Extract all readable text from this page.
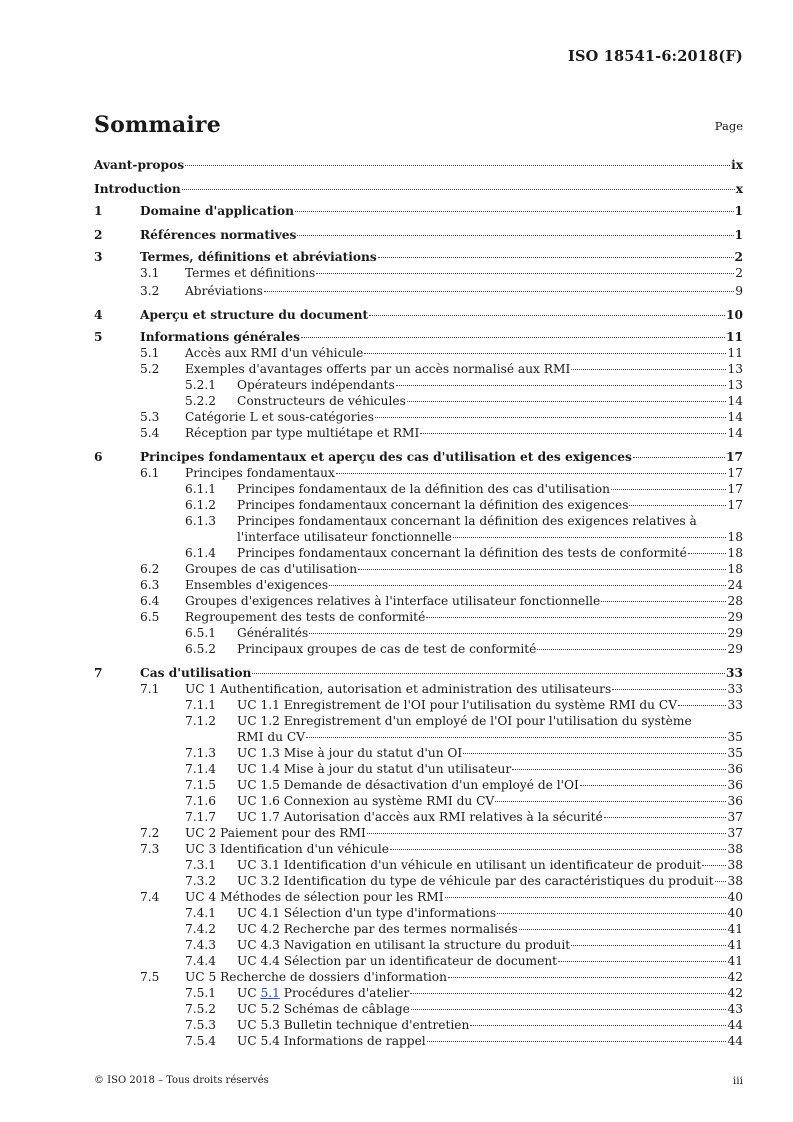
ISO 18541-6:2018(F)
Sommaire	Page
Avant-propos	ix
Introduction	x
1	Domaine d'application	1
2	Références normatives	1
3	Termes, définitions et abréviations	2
3.1 Termes et définitions	2
3.2 Abréviations	9
4	Aperçu et structure du document	10
5	Informations générales	11
5.1 Accès aux RMI d'un véhicule	11
5.2 Exemples d'avantages offerts par un accès normalisé aux RMI	13
5.2.1 Opérateurs indépendants	13
5.2.2 Constructeurs de véhicules	14
5.3 Catégorie L et sous-catégories	14
5.4 Réception par type multiétape et RMI	14
6	Principes fondamentaux et aperçu des cas d'utilisation et des exigences	17
6.1 Principes fondamentaux	17
6.1.1 Principes fondamentaux de la définition des cas d'utilisation	17
6.1.2 Principes fondamentaux concernant la définition des exigences	17
6.1.3 Principes fondamentaux concernant la définition des exigences relatives à
l'interface utilisateur fonctionnelle	18
6.1.4 Principes fondamentaux concernant la définition des tests de conformité	18
6.2 Groupes de cas d'utilisation	18
6.3 Ensembles d'exigences	24
6.4 Groupes d'exigences relatives à l'interface utilisateur fonctionnelle	28
6.5 Regroupement des tests de conformité	29
6.5.1 Généralités	29
6.5.2 Principaux groupes de cas de test de conformité	29
7	Cas d'utilisation	33
7.1 UC 1 Authentification, autorisation et administration des utilisateurs	33
7.1.1 UC 1.1 Enregistrement de l'OI pour l'utilisation du système RMI du CV	33
7.1.2 UC 1.2 Enregistrement d'un employé de l'OI pour l'utilisation du système
RMI du CV	35
7.1.3 UC 1.3 Mise à jour du statut d'un OI	35
7.1.4 UC 1.4 Mise à jour du statut d'un utilisateur	36
7.1.5 UC 1.5 Demande de désactivation d'un employé de l'OI	36
7.1.6 UC 1.6 Connexion au système RMI du CV	36
7.1.7 UC 1.7 Autorisation d'accès aux RMI relatives à la sécurité	37
7.2 UC 2 Paiement pour des RMI	37
7.3 UC 3 Identification d'un véhicule	38
7.3.1 UC 3.1 Identification d'un véhicule en utilisant un identificateur de produit 38
7.3.2 UC 3.2 Identification du type de véhicule par des caractéristiques du produit 38
7.4 UC 4 Méthodes de sélection pour les RMI	40
7.4.1 UC 4.1 Sélection d'un type d'informations	40
7.4.2 UC 4.2 Recherche par des termes normalisés	41
7.4.3 UC 4.3 Navigation en utilisant la structure du produit	41
7.4.4 UC 4.4 Sélection par un identificateur de document	41
7.5 UC 5 Recherche de dossiers d'information	42
7.5.1 UC 5.1 Procédures d'atelier	42
7.5.2 UC 5.2 Schémas de câblage	43
7.5.3 UC 5.3 Bulletin technique d'entretien	44
7.5.4 UC 5.4 Informations de rappel	44
© ISO 2018 – Tous droits réservés	iii
